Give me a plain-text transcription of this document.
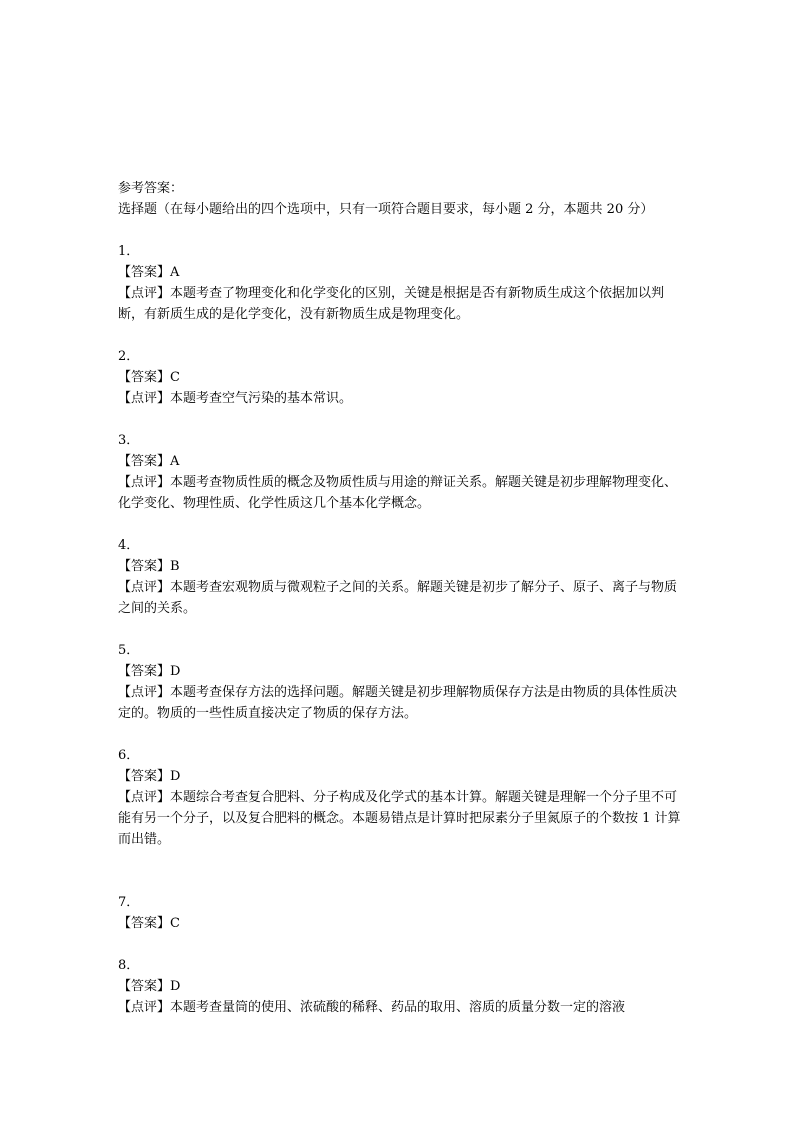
参考答案：

选择题（在每小题给出的四个选项中，只有一项符合题目要求，每小题 2 分，本题共 20 分）

1．

【答案】A

【点评】本题考查了物理变化和化学变化的区别，关键是根据是否有新物质生成这个依据加以判断，有新质生成的是化学变化，没有新物质生成是物理变化。

2．

【答案】C

【点评】本题考查空气污染的基本常识。

3．

【答案】A

【点评】本题考查物质性质的概念及物质性质与用途的辩证关系。解题关键是初步理解物理变化、化学变化、物理性质、化学性质这几个基本化学概念。

4．

【答案】B

【点评】本题考查宏观物质与微观粒子之间的关系。解题关键是初步了解分子、原子、离子与物质之间的关系。

5．

【答案】D

【点评】本题考查保存方法的选择问题。解题关键是初步理解物质保存方法是由物质的具体性质决定的。物质的一些性质直接决定了物质的保存方法。

6．

【答案】D

【点评】本题综合考查复合肥料、分子构成及化学式的基本计算。解题关键是理解一个分子里不可能有另一个分子，以及复合肥料的概念。本题易错点是计算时把尿素分子里氮原子的个数按 1 计算而出错。

7．

【答案】C

8．

【答案】D

【点评】本题考查量筒的使用、浓硫酸的稀释、药品的取用、溶质的质量分数一定的溶液
